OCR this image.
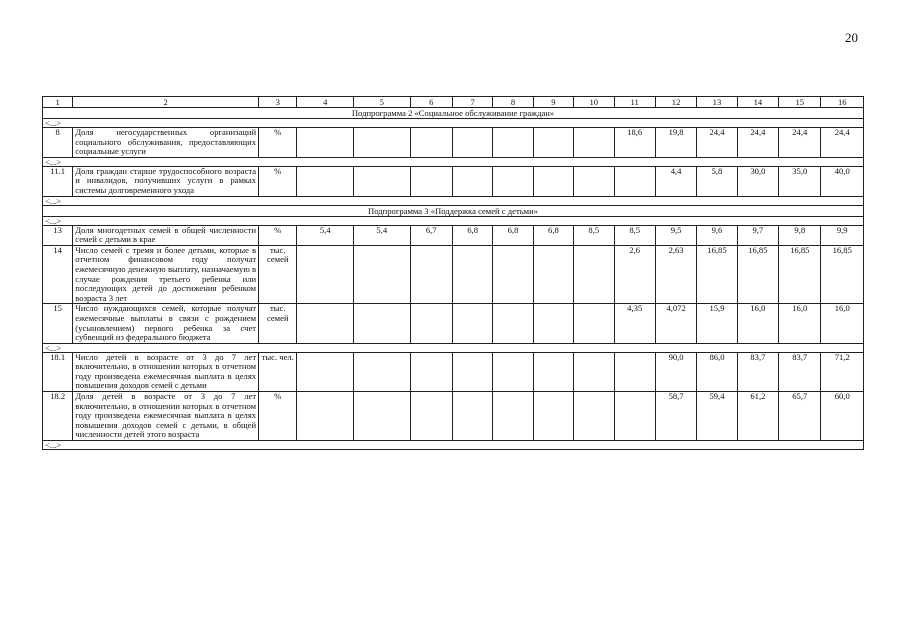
20
1	2	3	4	5	6	7	8	9	10	11	12	13	14	15	16
Подпрограмма 2 «Социальное обслуживание граждан»															
<...>															
8	Доля негосударственных организаций социального обслуживания, предоставляющих социальные услуги	%								18,6	19,8	24,4	24,4	24,4	24,4
<...>															
11.1	Доля граждан старше трудоспособного возраста и инвалидов, получивших услуги в рамках системы долговременного ухода	%									4,4	5,8	30,0	35,0	40,0
<...>															
Подпрограмма 3 «Поддержка семей с детьми»															
<...>															
13	Доля многодетных семей в общей численности семей с детьми в крае	%	5,4	5,4	6,7	6,8	6,8	6,8	8,5	8,5	9,5	9,6	9,7	9,8	9,9
14	Число семей с тремя и более детьми, которые в отчетном финансовом году получат ежемесячную денежную выплату, назначаемую в случае рождения третьего ребенка или последующих детей до достижения ребенком возраста 3 лет	тыс. семей								2,6	2,63	16,85	16,85	16,85	16,85
15	Число нуждающихся семей, которые получат ежемесячные выплаты в связи с рождением (усыновлением) первого ребенка за счет субвенций из федерального бюджета	тыс. семей								4,35	4,072	15,9	16,0	16,0	16,0
<...>															
18.1	Число детей в возрасте от 3 до 7 лет включительно, в отношении которых в отчетном году произведена ежемесячная выплата в целях повышения доходов семей с детьми	тыс. чел.									90,0	86,0	83,7	83,7	71,2
18.2	Доля детей в возрасте от 3 до 7 лет включительно, в отношении которых в отчетном году произведена ежемесячная выплата в целях повышения доходов семей с детьми, в общей численности детей этого возраста	%									58,7	59,4	61,2	65,7	60,0
<...>															
